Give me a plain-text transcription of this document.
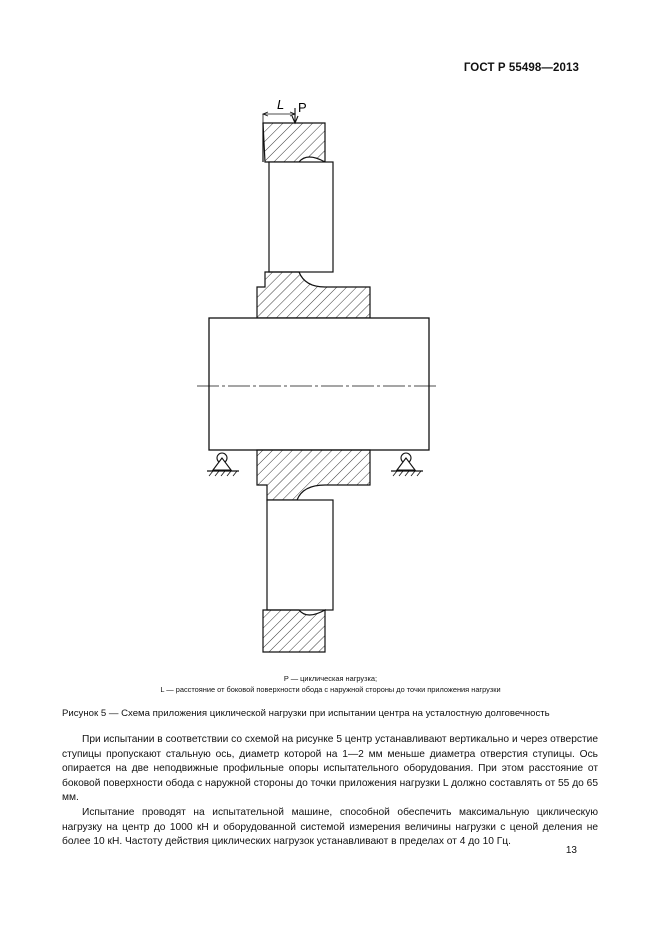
ГОСТ Р 55498—2013
L P
P — циклическая нагрузка;
L — расстояние от боковой поверхности обода с наружной стороны до точки приложения нагрузки
Рисунок 5 — Схема приложения циклической нагрузки при испытании центра на усталостную долговечность

При испытании в соответствии со схемой на рисунке 5 центр устанавливают вертикально и через отверстие ступицы пропускают стальную ось, диаметр которой на 1—2 мм меньше диаметра отверстия ступицы. Ось опирается на две неподвижные профильные опоры испытательного оборудования. При этом расстояние от боковой поверхности обода с наружной стороны до точки приложения нагрузки L должно составлять от 55 до 65 мм.

Испытание проводят на испытательной машине, способной обеспечить максимальную циклическую нагрузку на центр до 1000 кН и оборудованной системой измерения величины нагрузки с ценой деления не более 10 кН. Частоту действия циклических нагрузок устанавливают в пределах от 4 до 10 Гц.

13
